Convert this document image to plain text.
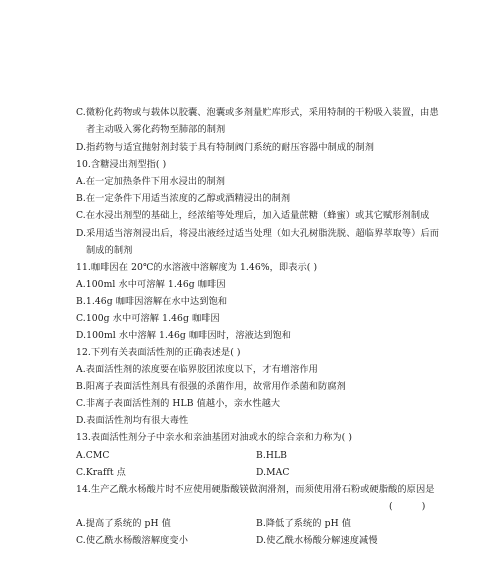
C.微粉化药物或与载体以胶囊、泡囊或多剂量贮库形式，采用特制的干粉吸入装置，由患
者主动吸入雾化药物至肺部的制剂
D.指药物与适宜抛射剂封装于具有特制阀门系统的耐压容器中制成的制剂
10.含糖浸出剂型指( )
A.在一定加热条件下用水浸出的制剂
B.在一定条件下用适当浓度的乙醇或酒精浸出的制剂
C.在水浸出剂型的基础上，经浓缩等处理后，加入适量蔗糖（蜂蜜）或其它赋形剂制成
D.采用适当溶剂浸出后，将浸出液经过适当处理（如大孔树脂洗脱、超临界萃取等）后而
制成的制剂
11.咖啡因在 20℃的水溶液中溶解度为 1.46%，即表示( )
A.100ml 水中可溶解 1.46g 咖啡因
B.1.46g 咖啡因溶解在水中达到饱和
C.100g 水中可溶解 1.46g 咖啡因
D.100ml 水中溶解 1.46g 咖啡因时，溶液达到饱和
12.下列有关表面活性剂的正确表述是( )
A.表面活性剂的浓度要在临界胶团浓度以下，才有增溶作用
B.阳离子表面活性剂具有很强的杀菌作用，故常用作杀菌和防腐剂
C.非离子表面活性剂的 HLB 值越小，亲水性越大
D.表面活性剂均有很大毒性
13.表面活性剂分子中亲水和亲油基团对油或水的综合亲和力称为( )
A.CMC	B.HLB
C.Krafft 点	D.MAC
14.生产乙酰水杨酸片时不应使用硬脂酸镁做润滑剂，而须使用滑石粉或硬脂酸的原因是
(          )
A.提高了系统的 pH 值	B.降低了系统的 pH 值
C.使乙酰水杨酸溶解度变小	D.使乙酰水杨酸分解速度减慢
